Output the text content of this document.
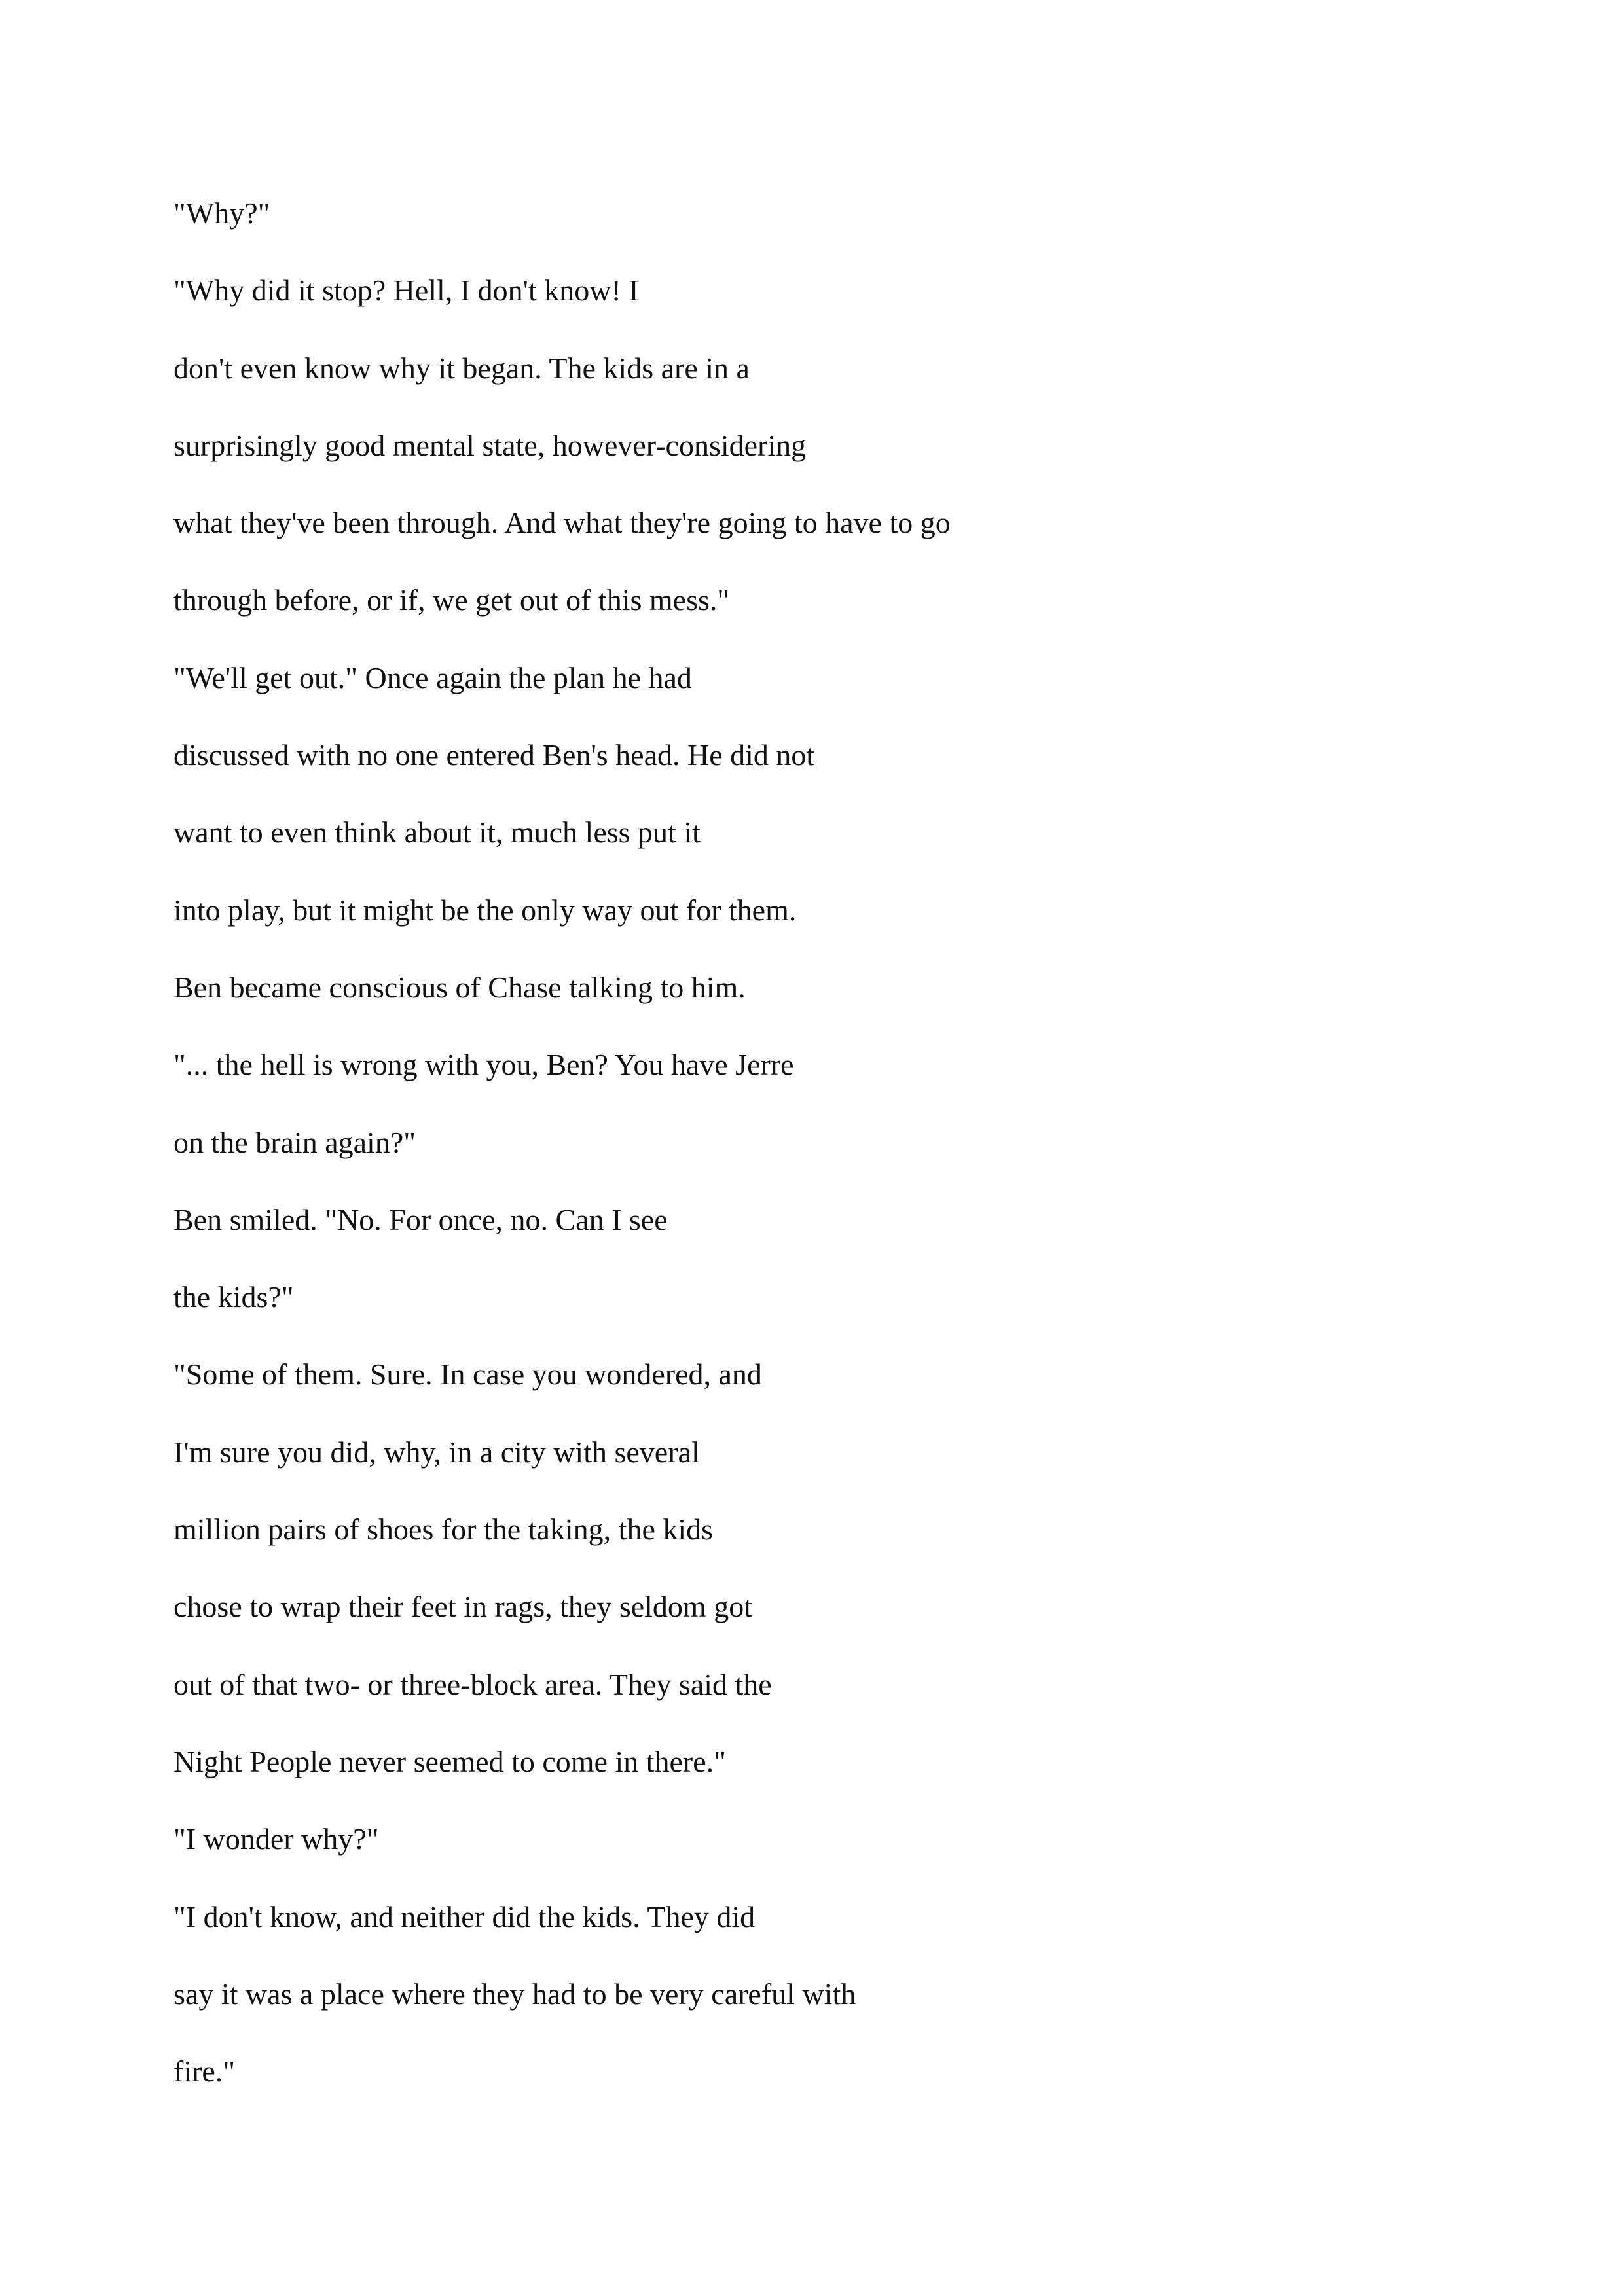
"Why?"
"Why did it stop? Hell, I don't know! I
don't even know why it began. The kids are in a
surprisingly good mental state, however-considering
what they've been through. And what they're going to have to go
through before, or if, we get out of this mess."
"We'll get out." Once again the plan he had
discussed with no one entered Ben's head. He did not
want to even think about it, much less put it
into play, but it might be the only way out for them.
Ben became conscious of Chase talking to him.
"... the hell is wrong with you, Ben? You have Jerre
on the brain again?"
Ben smiled. "No. For once, no. Can I see
the kids?"
"Some of them. Sure. In case you wondered, and
I'm sure you did, why, in a city with several
million pairs of shoes for the taking, the kids
chose to wrap their feet in rags, they seldom got
out of that two- or three-block area. They said the
Night People never seemed to come in there."
"I wonder why?"
"I don't know, and neither did the kids. They did
say it was a place where they had to be very careful with
fire."
